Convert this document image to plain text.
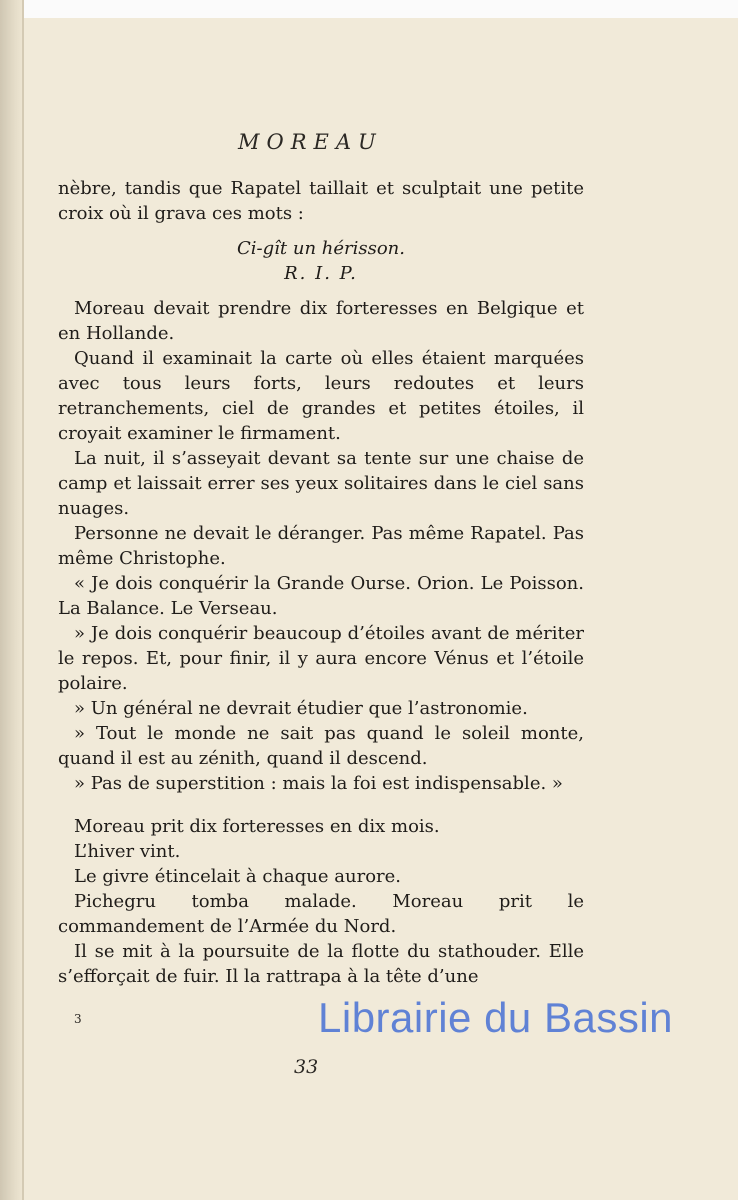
MOREAU

nèbre, tandis que Rapatel taillait et sculptait une petite croix où il grava ces mots :

Ci-gît un hérisson.
R. I. P.

Moreau devait prendre dix forteresses en Belgique et en Hollande.

Quand il examinait la carte où elles étaient marquées avec tous leurs forts, leurs redoutes et leurs retranchements, ciel de grandes et petites étoiles, il croyait examiner le firmament.

La nuit, il s’asseyait devant sa tente sur une chaise de camp et laissait errer ses yeux solitaires dans le ciel sans nuages.

Personne ne devait le déranger. Pas même Rapatel. Pas même Christophe.

« Je dois conquérir la Grande Ourse. Orion. Le Poisson. La Balance. Le Verseau.

» Je dois conquérir beaucoup d’étoiles avant de mériter le repos. Et, pour finir, il y aura encore Vénus et l’étoile polaire.

» Un général ne devrait étudier que l’astronomie.

» Tout le monde ne sait pas quand le soleil monte, quand il est au zénith, quand il descend.

» Pas de superstition : mais la foi est indispensable. »

Moreau prit dix forteresses en dix mois.

L’hiver vint.

Le givre étincelait à chaque aurore.

Pichegru tomba malade. Moreau prit le commandement de l’Armée du Nord.

Il se mit à la poursuite de la flotte du stathouder. Elle s’efforçait de fuir. Il la rattrapa à la tête d’une

3
33
Librairie du Bassin
